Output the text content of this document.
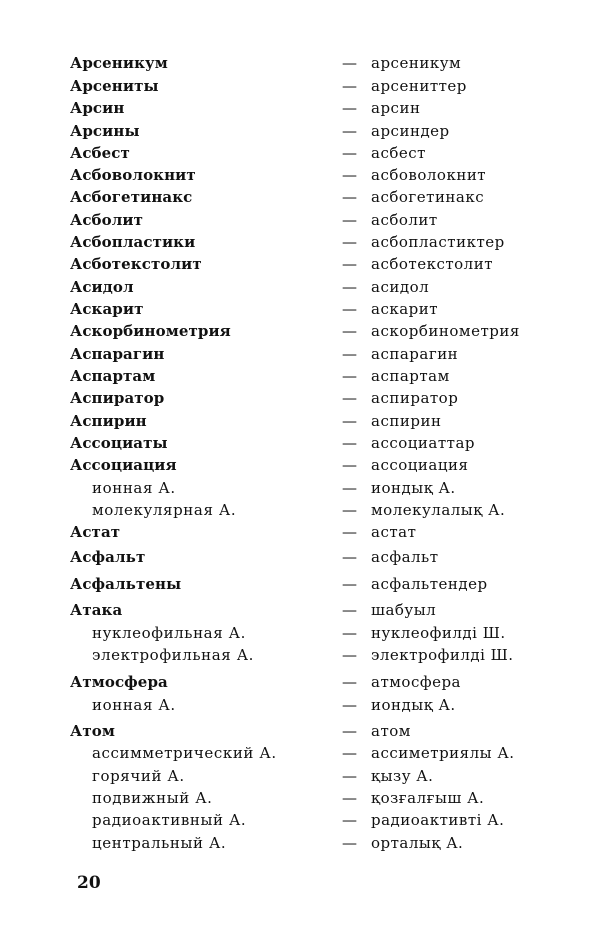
Арсеникум	— арсеникум
Арсениты	— арсениттер
Арсин	— арсин
Арсины	— арсиндер
Асбест	— асбест
Асбоволокнит	— асбоволокнит
Асбогетинакс	— асбогетинакс
Асболит	— асболит
Асбопластики	— асбопластиктер
Асботекстолит	— асботекстолит
Асидол	— асидол
Аскарит	— аскарит
Аскорбинометрия	— аскорбинометрия
Аспарагин	— аспарагин
Аспартам	— аспартам
Аспиратор	— аспиратор
Аспирин	— аспирин
Ассоциаты	— ассоциаттар
Ассоциация	— ассоциация
ионная А.	— иондық А.
молекулярная А.	— молекулалық А.
Астат	— астат
Асфальт	— асфальт
Асфальтены	— асфальтендер
Атака	— шабуыл
нуклеофильная А.	— нуклеофилді Ш.
электрофильная А.	— электрофилді Ш.
Атмосфера	— атмосфера
ионная А.	— иондық А.
Атом	— атом
ассимметрический А.	— ассиметриялы А.
горячий А.	— қызу А.
подвижный А.	— қозғалғыш А.
радиоактивный А.	— радиоактивті А.
центральный А.	— орталық А.
20
